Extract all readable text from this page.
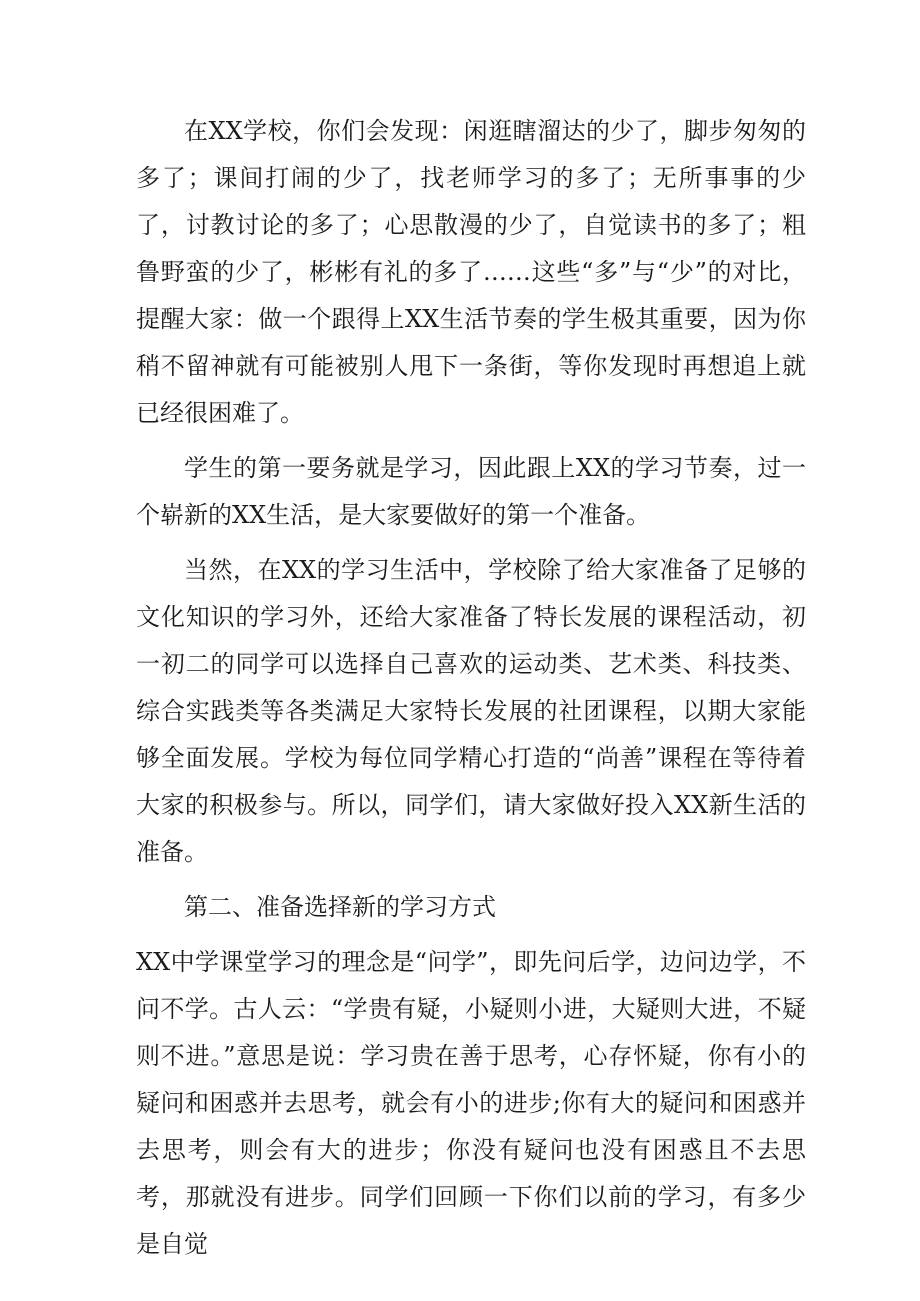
在XX学校，你们会发现：闲逛瞎溜达的少了，脚步匆匆的多了；课间打闹的少了，找老师学习的多了；无所事事的少了，讨教讨论的多了；心思散漫的少了，自觉读书的多了；粗鲁野蛮的少了，彬彬有礼的多了……这些“多”与“少”的对比，提醒大家：做一个跟得上XX生活节奏的学生极其重要，因为你稍不留神就有可能被别人甩下一条街，等你发现时再想追上就已经很困难了。

学生的第一要务就是学习，因此跟上XX的学习节奏，过一个崭新的XX生活，是大家要做好的第一个准备。

当然，在XX的学习生活中，学校除了给大家准备了足够的文化知识的学习外，还给大家准备了特长发展的课程活动，初一初二的同学可以选择自己喜欢的运动类、艺术类、科技类、综合实践类等各类满足大家特长发展的社团课程，以期大家能够全面发展。学校为每位同学精心打造的“尚善”课程在等待着大家的积极参与。所以，同学们，请大家做好投入XX新生活的准备。

第二、准备选择新的学习方式

XX中学课堂学习的理念是“问学”，即先问后学，边问边学，不问不学。古人云：“学贵有疑，小疑则小进，大疑则大进，不疑则不进。”意思是说：学习贵在善于思考，心存怀疑，你有小的疑问和困惑并去思考，就会有小的进步;你有大的疑问和困惑并去思考，则会有大的进步；你没有疑问也没有困惑且不去思考，那就没有进步。同学们回顾一下你们以前的学习，有多少是自觉
